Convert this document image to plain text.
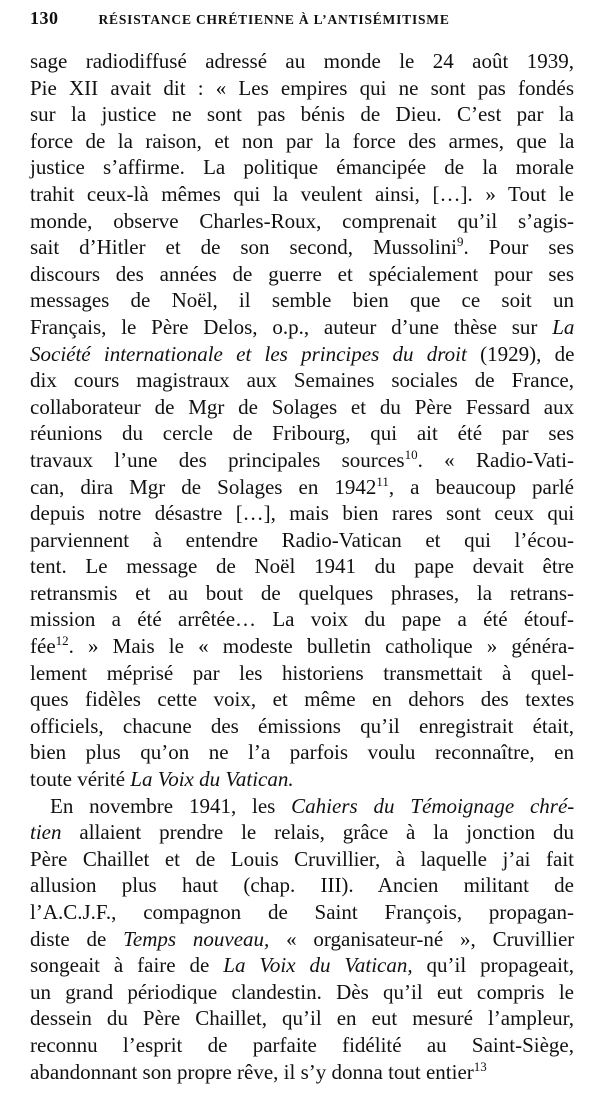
130	RÉSISTANCE CHRÉTIENNE À L’ANTISÉMITISME
sage radiodiffusé adressé au monde le 24 août 1939,
Pie XII avait dit : « Les empires qui ne sont pas fondés
sur la justice ne sont pas bénis de Dieu. C’est par la
force de la raison, et non par la force des armes, que la
justice s’affirme. La politique émancipée de la morale
trahit ceux-là mêmes qui la veulent ainsi, […]. » Tout le
monde, observe Charles-Roux, comprenait qu’il s’agis-
sait d’Hitler et de son second, Mussolini$^9$. Pour ses
discours des années de guerre et spécialement pour ses
messages de Noël, il semble bien que ce soit un
Français, le Père Delos, o.p., auteur d’une thèse sur La
Société internationale et les principes du droit (1929), de
dix cours magistraux aux Semaines sociales de France,
collaborateur de Mgr de Solages et du Père Fessard aux
réunions du cercle de Fribourg, qui ait été par ses
travaux l’une des principales sources$^{10}$. « Radio-Vati-
can, dira Mgr de Solages en 1942$^{11}$, a beaucoup parlé
depuis notre désastre […], mais bien rares sont ceux qui
parviennent à entendre Radio-Vatican et qui l’écou-
tent. Le message de Noël 1941 du pape devait être
retransmis et au bout de quelques phrases, la retrans-
mission a été arrêtée… La voix du pape a été étouf-
fée$^{12}$. » Mais le « modeste bulletin catholique » généra-
lement méprisé par les historiens transmettait à quel-
ques fidèles cette voix, et même en dehors des textes
officiels, chacune des émissions qu’il enregistrait était,
bien plus qu’on ne l’a parfois voulu reconnaître, en
toute vérité La Voix du Vatican.
En novembre 1941, les Cahiers du Témoignage chré-
tien allaient prendre le relais, grâce à la jonction du
Père Chaillet et de Louis Cruvillier, à laquelle j’ai fait
allusion plus haut (chap. III). Ancien militant de
l’A.C.J.F., compagnon de Saint François, propagan-
diste de Temps nouveau, « organisateur-né », Cruvillier
songeait à faire de La Voix du Vatican, qu’il propageait,
un grand périodique clandestin. Dès qu’il eut compris le
dessein du Père Chaillet, qu’il en eut mesuré l’ampleur,
reconnu l’esprit de parfaite fidélité au Saint-Siège,
abandonnant son propre rêve, il s’y donna tout entier$^{13}$
